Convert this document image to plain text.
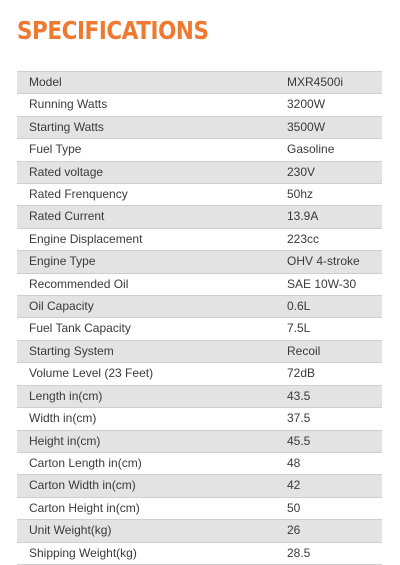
SPECIFICATIONS
Model	MXR4500i
Running Watts	3200W
Starting Watts	3500W
Fuel Type	Gasoline
Rated voltage	230V
Rated Frenquency	50hz
Rated Current	13.9A
Engine Displacement	223cc
Engine Type	OHV 4-stroke
Recommended Oil	SAE 10W-30
Oil Capacity	0.6L
Fuel Tank Capacity	7.5L
Starting System	Recoil
Volume Level (23 Feet)	72dB
Length in(cm)	43.5
Width in(cm)	37.5
Height in(cm)	45.5
Carton Length in(cm)	48
Carton Width in(cm)	42
Carton Height in(cm)	50
Unit Weight(kg)	26
Shipping Weight(kg)	28.5
